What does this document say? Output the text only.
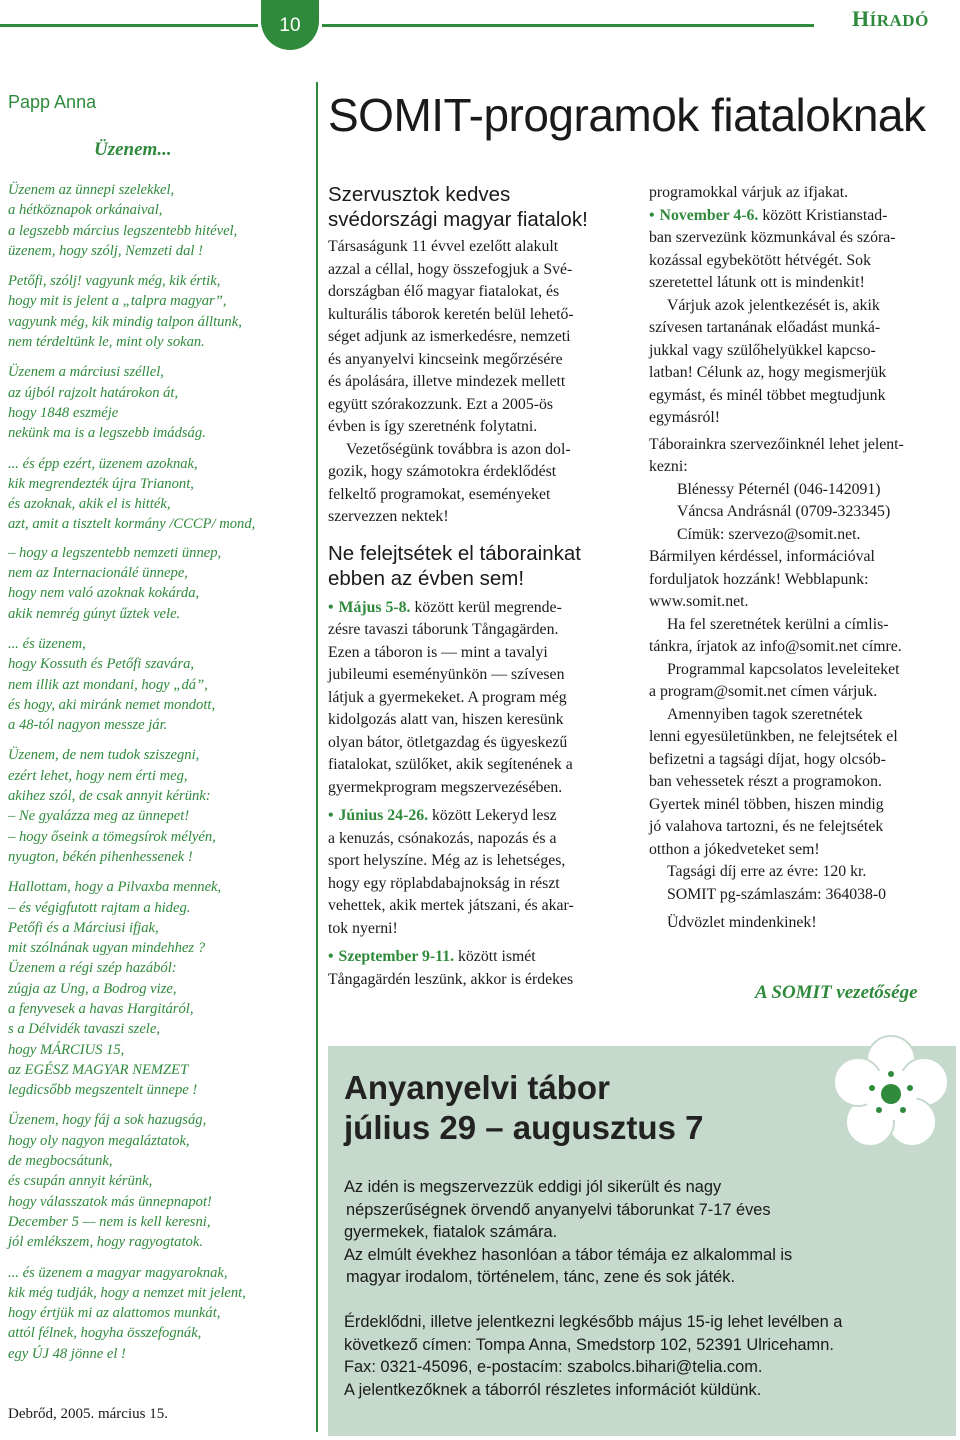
10	HÍRADÓ
Papp Anna
Üzenem...
Üzenem az ünnepi szelekkel,
a hétköznapok orkánaival,
a legszebb március legszentebb hitével,
üzenem, hogy szólj, Nemzeti dal !
Petőfi, szólj! vagyunk még, kik értik,
hogy mit is jelent a „talpra magyar”,
vagyunk még, kik mindig talpon álltunk,
nem térdeltünk le, mint oly sokan.
Üzenem a márciusi széllel,
az újból rajzolt határokon át,
hogy 1848 eszméje
nekünk ma is a legszebb imádság.
... és épp ezért, üzenem azoknak,
kik megrendezték újra Trianont,
és azoknak, akik el is hitték,
azt, amit a tisztelt kormány /CCCP/ mond,
– hogy a legszentebb nemzeti ünnep,
nem az Internacionálé ünnepe,
hogy nem való azoknak kokárda,
akik nemrég gúnyt űztek vele.
... és üzenem,
hogy Kossuth és Petőfi szavára,
nem illik azt mondani, hogy „dá”,
és hogy, aki miránk nemet mondott,
a 48-tól nagyon messze jár.
Üzenem, de nem tudok sziszegni,
ezért lehet, hogy nem érti meg,
akihez szól, de csak annyit kérünk:
– Ne gyalázza meg az ünnepet!
– hogy őseink a tömegsírok mélyén,
nyugton, békén pihenhessenek !
Hallottam, hogy a Pilvaxba mennek,
– és végigfutott rajtam a hideg.
Petőfi és a Márciusi ifjak,
mit szólnának ugyan mindehhez ?
Üzenem a régi szép hazából:
zúgja az Ung, a Bodrog vize,
a fenyvesek a havas Hargitáról,
s a Délvidék tavaszi szele,
hogy MÁRCIUS 15,
az EGÉSZ MAGYAR NEMZET
legdicsőbb megszentelt ünnepe !
Üzenem, hogy fáj a sok hazugság,
hogy oly nagyon megaláztatok,
de megbocsátunk,
és csupán annyit kérünk,
hogy válasszatok más ünnepnapot!
December 5 — nem is kell keresni,
jól emlékszem, hogy ragyogtatok.
... és üzenem a magyar magyaroknak,
kik még tudják, hogy a nemzet mit jelent,
hogy értjük mi az alattomos munkát,
attól félnek, hogyha összefognák,
egy ÚJ 48 jönne el !
Debrőd, 2005. március 15.
SOMIT-programok fiataloknak
Szervusztok kedves
svédországi magyar fiatalok!
Társaságunk 11 évvel ezelőtt alakult
azzal a céllal, hogy összefogjuk a Své-
dországban élő magyar fiatalokat, és
kulturális táborok keretén belül lehető-
séget adjunk az ismerkedésre, nemzeti
és anyanyelvi kincseink megőrzésére
és ápolására, illetve mindezek mellett
együtt szórakozzunk. Ezt a 2005-ös
évben is így szeretnénk folytatni.
Vezetőségünk továbbra is azon dol-
gozik, hogy számotokra érdeklődést
felkeltő programokat, eseményeket
szervezzen nektek!
Ne felejtsétek el táborainkat
ebben az évben sem!
• Május 5-8. között kerül megrende-
zésre tavaszi táborunk Tångagärden.
Ezen a táboron is — mint a tavalyi
jubileumi eseményünkön — szívesen
látjuk a gyermekeket. A program még
kidolgozás alatt van, hiszen keresünk
olyan bátor, ötletgazdag és ügyeskezű
fiatalokat, szülőket, akik segítenének a
gyermekprogram megszervezésében.
• Június 24-26. között Lekeryd lesz
a kenuzás, csónakozás, napozás és a
sport helyszíne. Még az is lehetséges,
hogy egy röplabdabajnokság in részt
vehettek, akik mertek játszani, és akar-
tok nyerni!
• Szeptember 9-11. között ismét
Tångagärdén leszünk, akkor is érdekes
programokkal várjuk az ifjakat.
• November 4-6. között Kristianstad-
ban szervezünk közmunkával és szóra-
kozással egybekötött hétvégét. Sok
szeretettel látunk ott is mindenkit!
Várjuk azok jelentkezését is, akik
szívesen tartanának előadást munká-
jukkal vagy szülőhelyükkel kapcso-
latban! Célunk az, hogy megismerjük
egymást, és minél többet megtudjunk
egymásról!
Táborainkra szervezőinknél lehet jelent-
kezni:
Blénessy Péternél (046-142091)
Váncsa Andrásnál (0709-323345)
Címük: szervezo@somit.net.
Bármilyen kérdéssel, információval
forduljatok hozzánk! Webblapunk:
www.somit.net.
Ha fel szeretnétek kerülni a címlis-
tánkra, írjatok az info@somit.net címre.
Programmal kapcsolatos leveleiteket
a program@somit.net címen várjuk.
Amennyiben tagok szeretnétek
lenni egyesületünkben, ne felejtsétek el
befizetni a tagsági díjat, hogy olcsób-
ban vehessetek részt a programokon.
Gyertek minél többen, hiszen mindig
jó valahova tartozni, és ne felejtsétek
otthon a jókedveteket sem!
Tagsági díj erre az évre: 120 kr.
SOMIT pg-számlaszám: 364038-0
Üdvözlet mindenkinek!
A SOMIT vezetősége
Anyanyelvi tábor
július 29 – augusztus 7
Az idén is megszervezzük eddigi jól sikerült és nagy
népszerűségnek örvendő anyanyelvi táborunkat 7-17 éves
gyermekek, fiatalok számára.
Az elmúlt évekhez hasonlóan a tábor témája ez alkalommal is
magyar irodalom, történelem, tánc, zene és sok játék.
Érdeklődni, illetve jelentkezni legkésőbb május 15-ig lehet levélben a
következő címen: Tompa Anna, Smedstorp 102, 52391 Ulricehamn.
Fax: 0321-45096, e-postacím: szabolcs.bihari@telia.com.
A jelentkezőknek a táborról részletes információt küldünk.
